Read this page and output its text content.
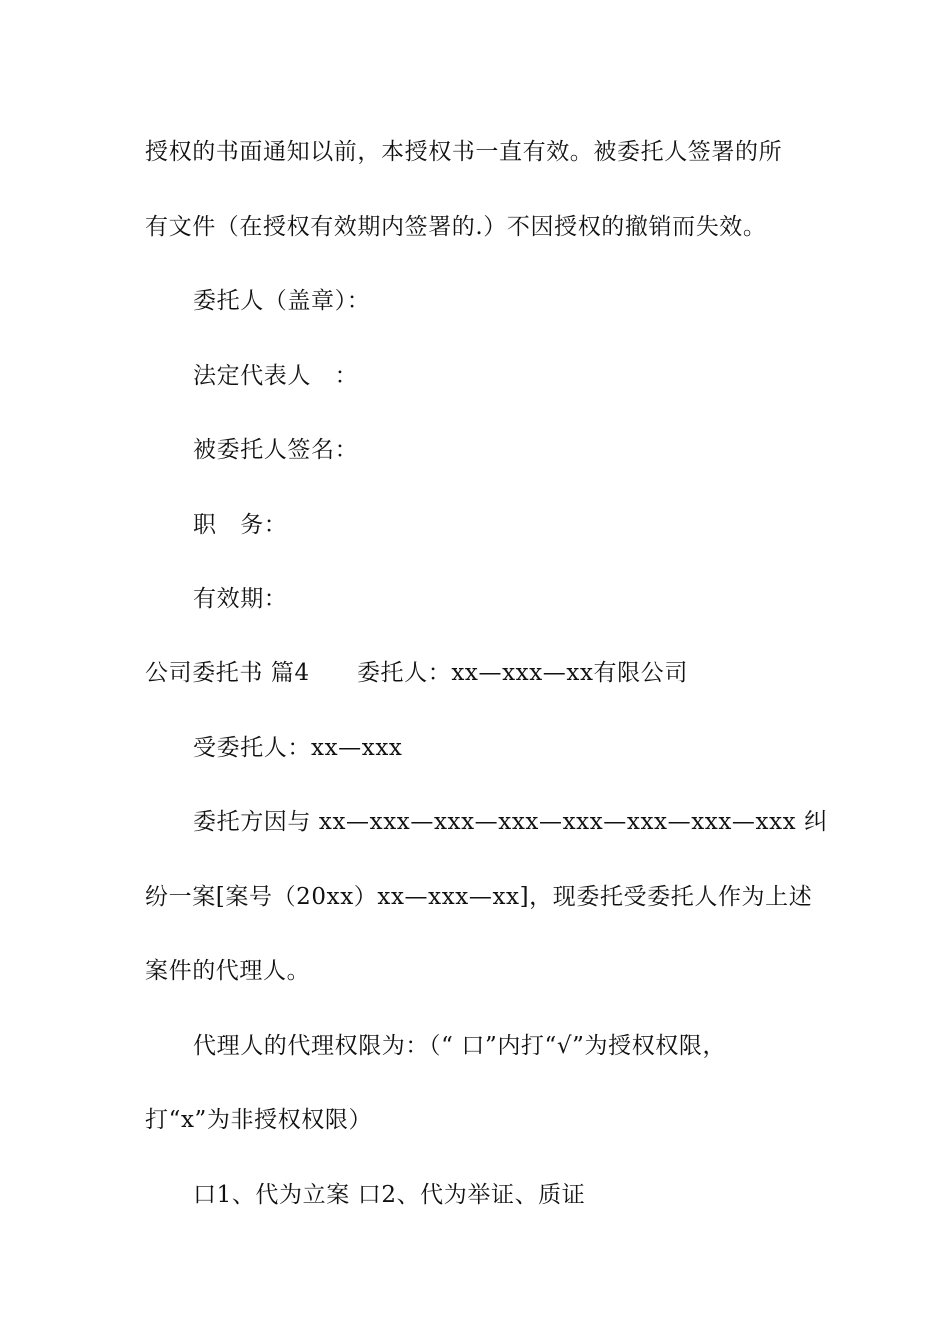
授权的书面通知以前，本授权书一直有效。被委托人签署的所
有文件（在授权有效期内签署的.）不因授权的撤销而失效。
委托人（盖章）：
法定代表人　：
被委托人签名：
职　务：
有效期：
公司委托书 篇4　　委托人：xx—xxx—xx有限公司
受委托人：xx—xxx
委托方因与 xx—xxx—xxx—xxx—xxx—xxx—xxx—xxx 纠
纷一案[案号（20xx）xx—xxx—xx]，现委托受委托人作为上述
案件的代理人。
代理人的代理权限为：（“ 口”内打“√”为授权权限，
打“x”为非授权权限）
口1、代为立案 口2、代为举证、质证
